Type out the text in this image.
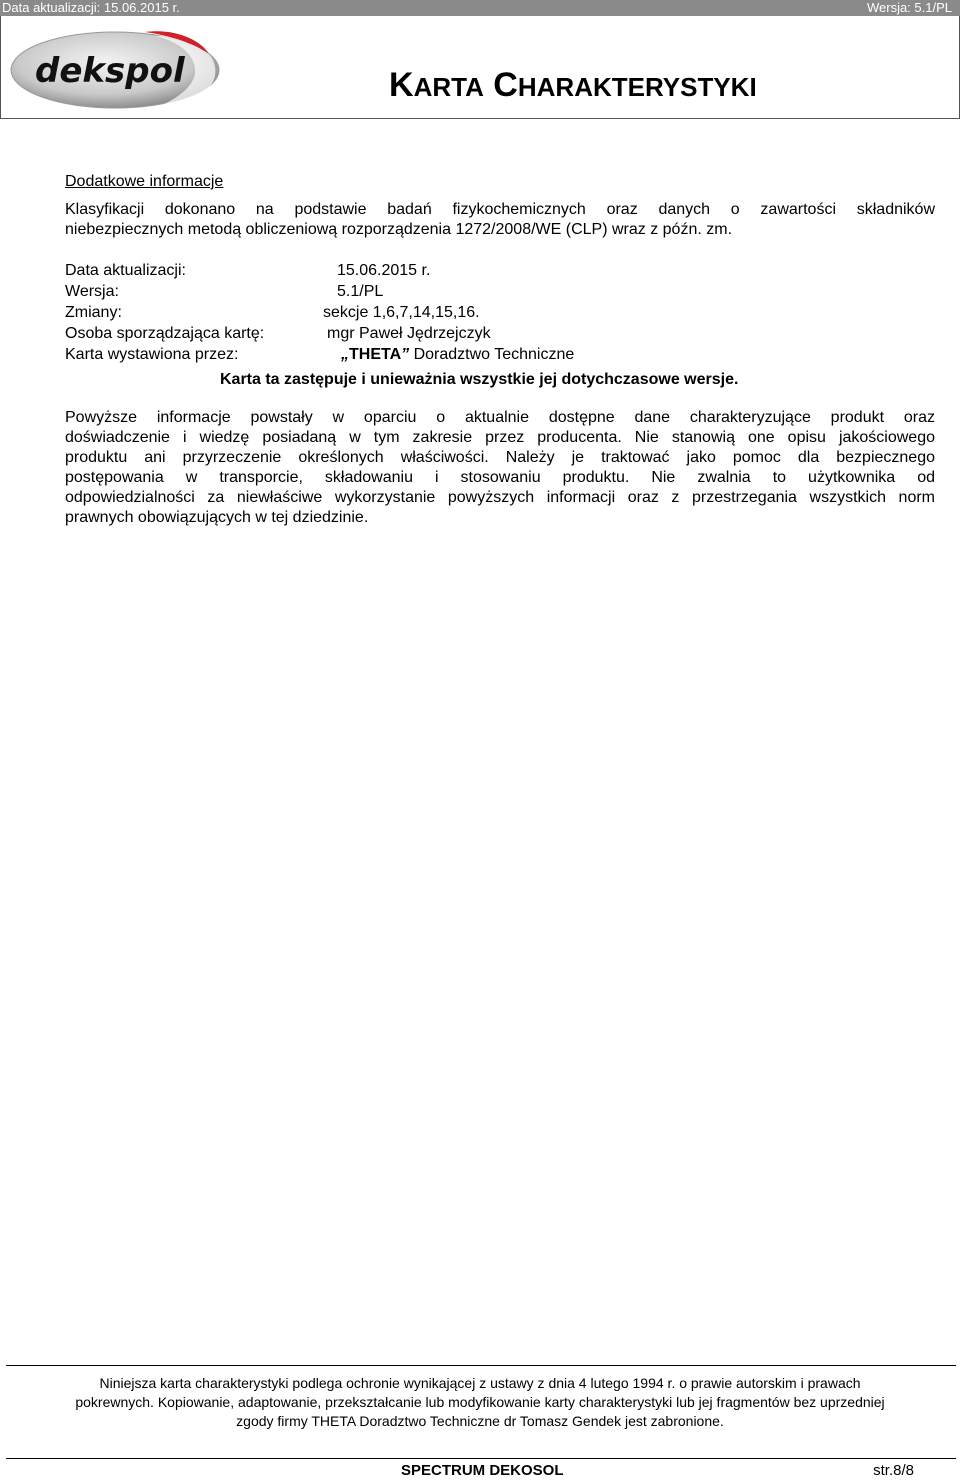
Data aktualizacji: 15.06.2015 r.	Wersja: 5.1/PL
dekspol	KARTA CHARAKTERYSTYKI

Dodatkowe informacje

Klasyfikacji dokonano na podstawie badań fizykochemicznych oraz danych o zawartości składników
niebezpiecznych metodą obliczeniową rozporządzenia 1272/2008/WE (CLP) wraz z późn. zm.
Data aktualizacji:	15.06.2015 r.
Wersja:	5.1/PL
Zmiany:	sekcje 1,6,7,14,15,16.
Osoba sporządzająca kartę:	mgr Paweł Jędrzejczyk
Karta wystawiona przez:	„THETA” Doradztwo Techniczne
Karta ta zastępuje i unieważnia wszystkie jej dotychczasowe wersje.
Powyższe informacje powstały w oparciu o aktualnie dostępne dane charakteryzujące produkt oraz
doświadczenie i wiedzę posiadaną w tym zakresie przez producenta. Nie stanowią one opisu jakościowego
produktu ani przyrzeczenie określonych właściwości. Należy je traktować jako pomoc dla bezpiecznego
postępowania w transporcie, składowaniu i stosowaniu produktu. Nie zwalnia to użytkownika od
odpowiedzialności za niewłaściwe wykorzystanie powyższych informacji oraz z przestrzegania wszystkich norm
prawnych obowiązujących w tej dziedzinie.
Niniejsza karta charakterystyki podlega ochronie wynikającej z ustawy z dnia 4 lutego 1994 r. o prawie autorskim i prawach
pokrewnych. Kopiowanie, adaptowanie, przekształcanie lub modyfikowanie karty charakterystyki lub jej fragmentów bez uprzedniej
zgody firmy THETA Doradztwo Techniczne dr Tomasz Gendek jest zabronione.
SPECTRUM DEKOSOL	str.8/8
